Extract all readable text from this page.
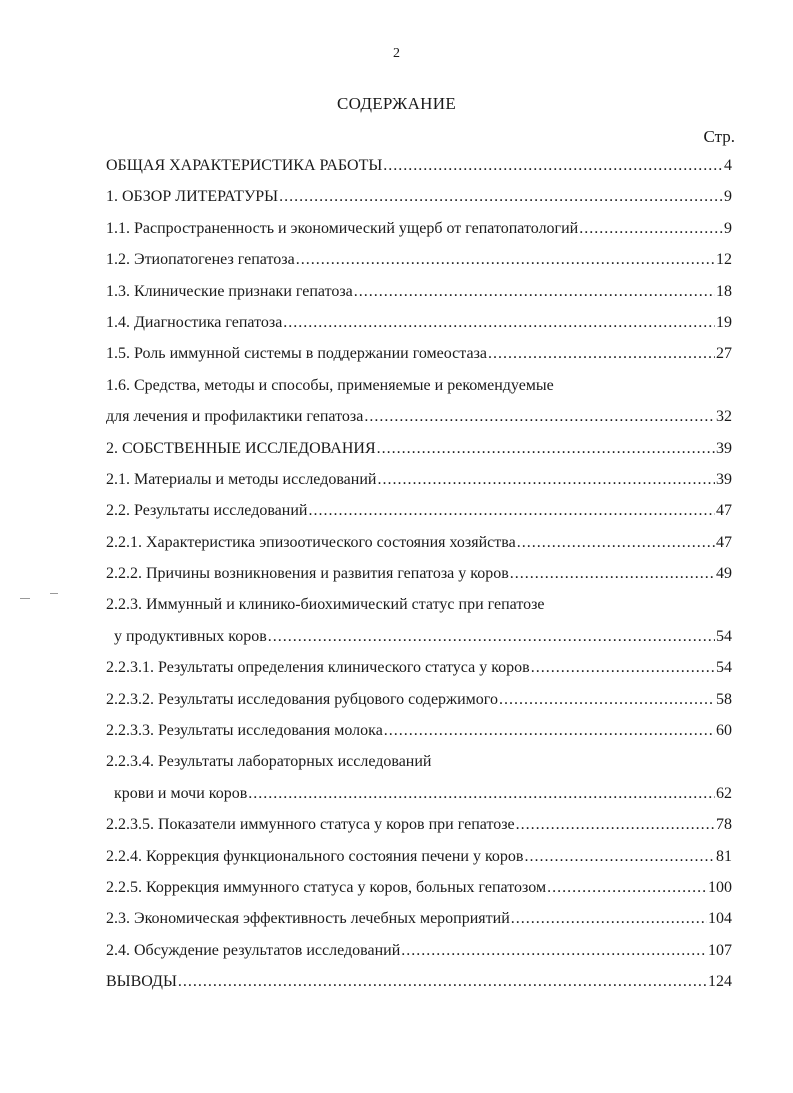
2
СОДЕРЖАНИЕ
Стр.
ОБЩАЯ ХАРАКТЕРИСТИКА РАБОТЫ .....	4
1. ОБЗОР ЛИТЕРАТУРЫ .....	9
1.1. Распространенность и экономический ущерб от гепатопатологий .....	9
1.2. Этиопатогенез гепатоза .....	12
1.3. Клинические признаки гепатоза .....	18
1.4. Диагностика гепатоза .....	19
1.5. Роль иммунной системы в поддержании гомеостаза .....	27
1.6. Средства, методы и способы, применяемые и рекомендуемые
для лечения и профилактики гепатоза .....	32
2. СОБСТВЕННЫЕ ИССЛЕДОВАНИЯ .....	39
2.1. Материалы и методы исследований .....	39
2.2. Результаты исследований .....	47
2.2.1. Характеристика эпизоотического состояния хозяйства .....	47
2.2.2. Причины возникновения и развития гепатоза у коров .....	49
2.2.3. Иммунный и клинико-биохимический статус при гепатозе
у продуктивных коров .....	54
2.2.3.1. Результаты определения клинического статуса у коров .....	54
2.2.3.2. Результаты исследования рубцового содержимого .....	58
2.2.3.3. Результаты исследования молока .....	60
2.2.3.4. Результаты лабораторных исследований
крови и мочи коров .....	62
2.2.3.5. Показатели иммунного статуса у коров при гепатозе .....	78
2.2.4. Коррекция функционального состояния печени у коров .....	81
2.2.5. Коррекция иммунного статуса у коров, больных гепатозом .....	100
2.3. Экономическая эффективность лечебных мероприятий .....	104
2.4. Обсуждение результатов исследований .....	107
ВЫВОДЫ .....	124
